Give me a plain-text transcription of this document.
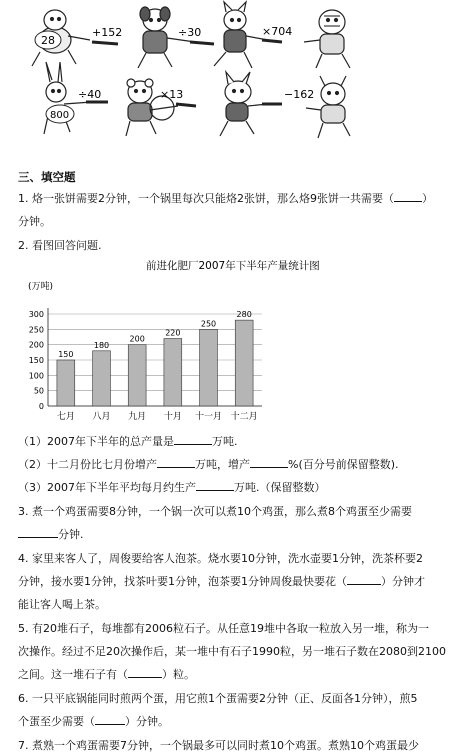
28
+152	÷30	×704
800
÷40	×13	−162
三、填空题
1. 烙一张饼需要2分钟，一个锅里每次只能烙2张饼，那么烙9张饼一共需要（	）
分钟。
2. 看图回答问题.
前进化肥厂2007年下半年产量统计图
(万吨)
0
50
100
150
200
250
300
150
180
200
220
250
280
七月 八月 九月 十月 十一月 十二月
（1）2007年下半年的总产量是	万吨.
（2）十二月份比七月份增产	万吨，增产	%(百分号前保留整数).
（3）2007年下半年平均每月约生产	万吨.（保留整数）
3. 煮一个鸡蛋需要8分钟，一个锅一次可以煮10个鸡蛋，那么煮8个鸡蛋至少需要
分钟.
4. 家里来客人了，周俊要给客人泡茶。烧水要10分钟，洗水壶要1分钟，洗茶杯要2
分钟，接水要1分钟，找茶叶要1分钟，泡茶要1分钟周俊最快要花（	）分钟才
能让客人喝上茶。
5. 有20堆石子，每堆都有2006粒石子。从任意19堆中各取一粒放入另一堆，称为一
次操作。经过不足20次操作后，某一堆中有石子1990粒，另一堆石子数在2080到2100
之间。这一堆石子有（	）粒。
6. 一只平底锅能同时煎两个蛋，用它煎1个蛋需要2分钟（正、反面各1分钟），煎5
个蛋至少需要（	）分钟。
7. 煮熟一个鸡蛋需要7分钟，一个锅最多可以同时煮10个鸡蛋。煮熟10个鸡蛋最少
